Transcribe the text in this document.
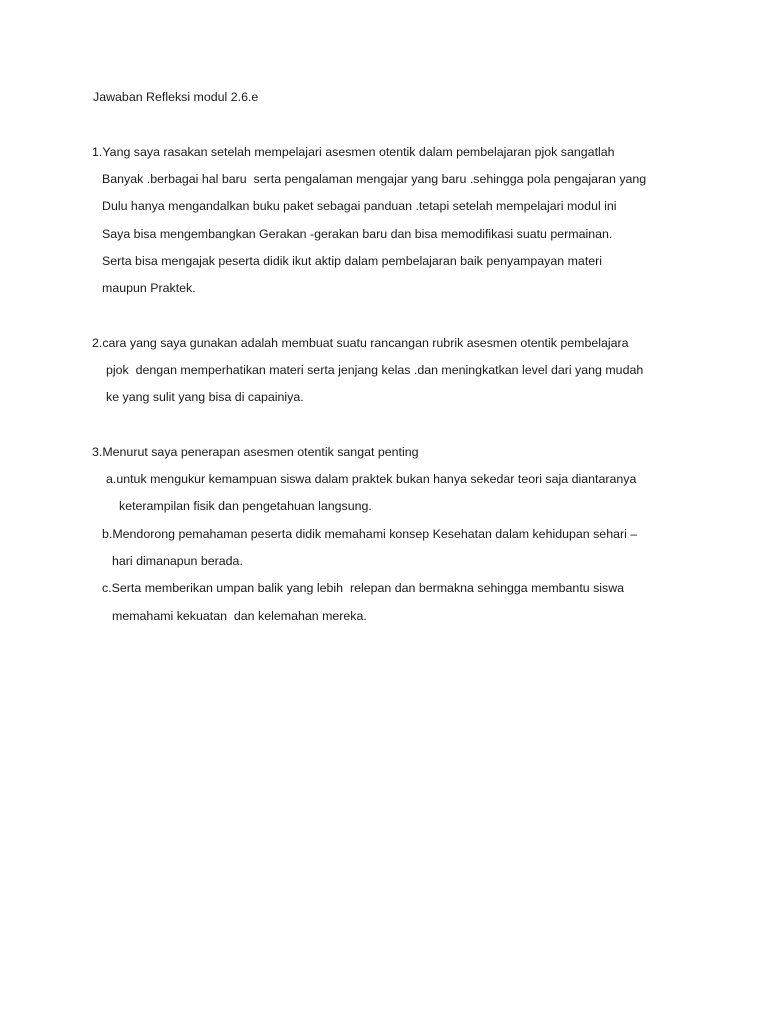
Jawaban Refleksi modul 2.6.e
1.Yang saya rasakan setelah mempelajari asesmen otentik dalam pembelajaran pjok sangatlah
Banyak .berbagai hal baru  serta pengalaman mengajar yang baru .sehingga pola pengajaran yang
Dulu hanya mengandalkan buku paket sebagai panduan .tetapi setelah mempelajari modul ini
Saya bisa mengembangkan Gerakan -gerakan baru dan bisa memodifikasi suatu permainan.
Serta bisa mengajak peserta didik ikut aktip dalam pembelajaran baik penyampayan materi
maupun Praktek.
2.cara yang saya gunakan adalah membuat suatu rancangan rubrik asesmen otentik pembelajara
pjok  dengan memperhatikan materi serta jenjang kelas .dan meningkatkan level dari yang mudah
ke yang sulit yang bisa di capainiya.
3.Menurut saya penerapan asesmen otentik sangat penting
a.untuk mengukur kemampuan siswa dalam praktek bukan hanya sekedar teori saja diantaranya
keterampilan fisik dan pengetahuan langsung.
b.Mendorong pemahaman peserta didik memahami konsep Kesehatan dalam kehidupan sehari –
hari dimanapun berada.
c.Serta memberikan umpan balik yang lebih  relepan dan bermakna sehingga membantu siswa
memahami kekuatan  dan kelemahan mereka.
